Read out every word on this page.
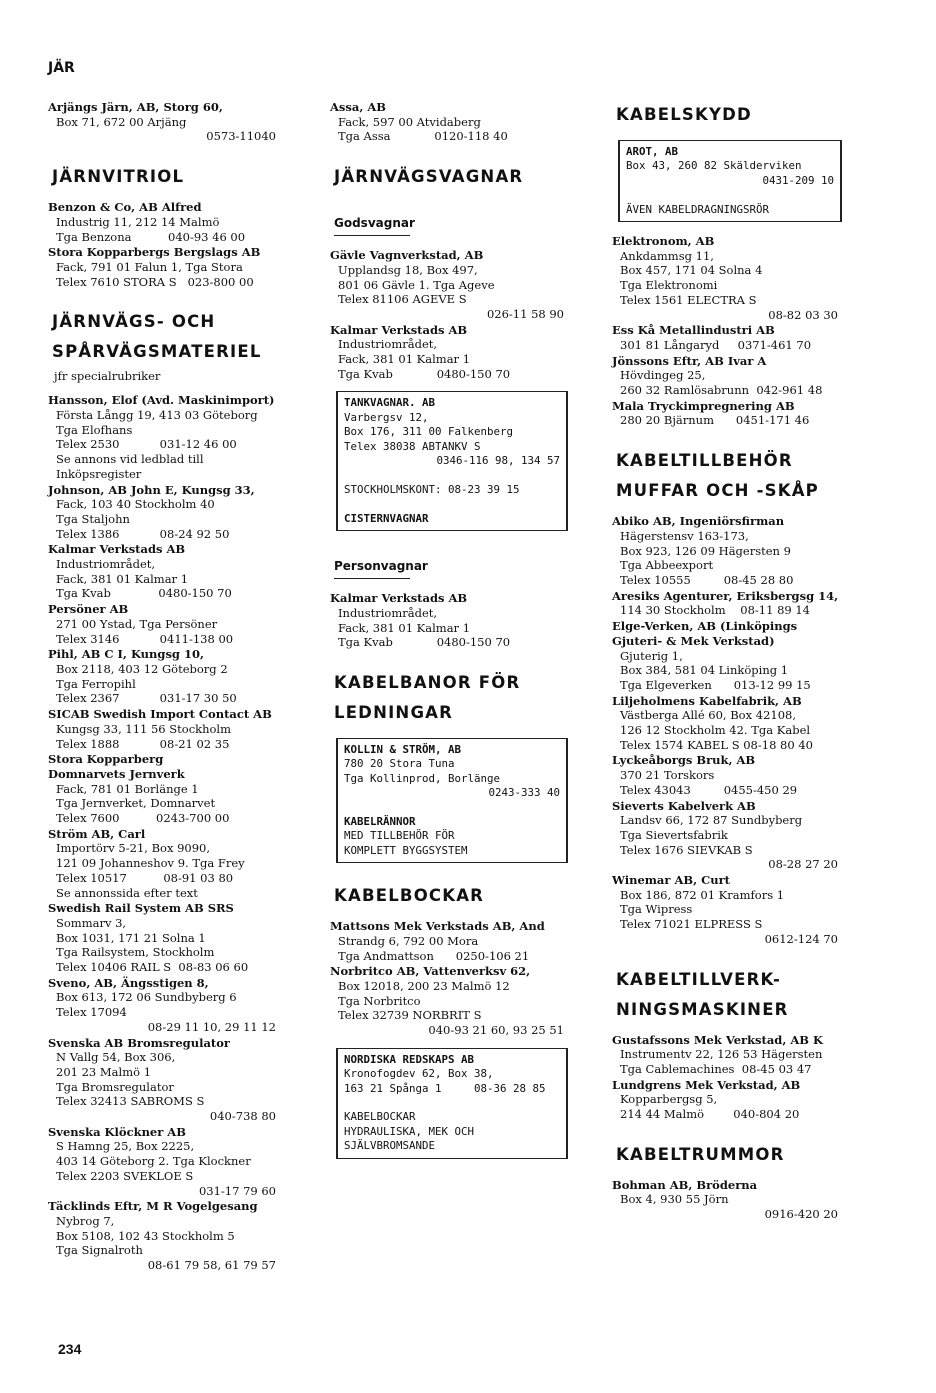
JÄR
Arjängs Järn, AB, Storg 60,
Box 71, 672 00 Arjäng
0573-11040
JÄRNVITRIOL
Benzon & Co, AB Alfred
Industrig 11, 212 14 Malmö
Tga Benzona          040-93 46 00
Stora Kopparbergs Bergslags AB
Fack, 791 01 Falun 1, Tga Stora
Telex 7610 STORA S   023-800 00
JÄRNVÄGS- OCH
SPÅRVÄGSMATERIEL
jfr specialrubriker
Hansson, Elof (Avd. Maskinimport)
Första Långg 19, 413 03 Göteborg
Tga Elofhans
Telex 2530           031-12 46 00
Se annons vid ledblad till
Inköpsregister
Johnson, AB John E, Kungsg 33,
Fack, 103 40 Stockholm 40
Tga Staljohn
Telex 1386           08-24 92 50
Kalmar Verkstads AB
Industriområdet,
Fack, 381 01 Kalmar 1
Tga Kvab             0480-150 70
Persöner AB
271 00 Ystad, Tga Persöner
Telex 3146           0411-138 00
Pihl, AB C I, Kungsg 10,
Box 2118, 403 12 Göteborg 2
Tga Ferropihl
Telex 2367           031-17 30 50
SICAB Swedish Import Contact AB
Kungsg 33, 111 56 Stockholm
Telex 1888           08-21 02 35
Stora Kopparberg
Domnarvets Jernverk
Fack, 781 01 Borlänge 1
Tga Jernverket, Domnarvet
Telex 7600          0243-700 00
Ström AB, Carl
Importörv 5-21, Box 9090,
121 09 Johanneshov 9. Tga Frey
Telex 10517          08-91 03 80
Se annonssida efter text
Swedish Rail System AB SRS
Sommarv 3,
Box 1031, 171 21 Solna 1
Tga Railsystem, Stockholm
Telex 10406 RAIL S  08-83 06 60
Sveno, AB, Ängsstigen 8,
Box 613, 172 06 Sundbyberg 6
Telex 17094
08-29 11 10, 29 11 12
Svenska AB Bromsregulator
N Vallg 54, Box 306,
201 23 Malmö 1
Tga Bromsregulator
Telex 32413 SABROMS S
040-738 80
Svenska Klöckner AB
S Hamng 25, Box 2225,
403 14 Göteborg 2. Tga Klockner
Telex 2203 SVEKLOE S
031-17 79 60
Täcklinds Eftr, M R Vogelgesang
Nybrog 7,
Box 5108, 102 43 Stockholm 5
Tga Signalroth
08-61 79 58, 61 79 57
Assa, AB
Fack, 597 00 Atvidaberg
Tga Assa            0120-118 40
JÄRNVÄGSVAGNAR
Godsvagnar
Gävle Vagnverkstad, AB
Upplandsg 18, Box 497,
801 06 Gävle 1. Tga Ageve
Telex 81106 AGEVE S
026-11 58 90
Kalmar Verkstads AB
Industriområdet,
Fack, 381 01 Kalmar 1
Tga Kvab            0480-150 70
TANKVAGNAR. AB
Varbergsv 12,
Box 176, 311 00 Falkenberg
Telex 38038 ABTANKV S
0346-116 98, 134 57

STOCKHOLMSKONT: 08-23 39 15

CISTERNVAGNAR
Personvagnar
Kalmar Verkstads AB
Industriområdet,
Fack, 381 01 Kalmar 1
Tga Kvab            0480-150 70
KABELBANOR FÖR
LEDNINGAR
KOLLIN & STRÖM, AB
780 20 Stora Tuna
Tga Kollinprod, Borlänge
0243-333 40

KABELRÄNNOR
MED TILLBEHÖR FÖR
KOMPLETT BYGGSYSTEM
KABELBOCKAR
Mattsons Mek Verkstads AB, And
Strandg 6, 792 00 Mora
Tga Andmattson      0250-106 21
Norbritco AB, Vattenverksv 62,
Box 12018, 200 23 Malmö 12
Tga Norbritco
Telex 32739 NORBRIT S
040-93 21 60, 93 25 51
NORDISKA REDSKAPS AB
Kronofogdev 62, Box 38,
163 21 Spånga 1     08-36 28 85

KABELBOCKAR
HYDRAULISKA, MEK OCH
SJÄLVBROMSANDE
KABELSKYDD
AROT, AB
Box 43, 260 82 Skälderviken
0431-209 10

ÄVEN KABELDRAGNINGSRÖR
Elektronom, AB
Ankdammsg 11,
Box 457, 171 04 Solna 4
Tga Elektronomi
Telex 1561 ELECTRA S
08-82 03 30
Ess Kå Metallindustri AB
301 81 Långaryd     0371-461 70
Jönssons Eftr, AB Ivar A
Hövdingeg 25,
260 32 Ramlösabrunn  042-961 48
Mala Tryckimpregnering AB
280 20 Bjärnum      0451-171 46
KABELTILLBEHÖR
MUFFAR OCH -SKÅP
Abiko AB, Ingeniörsfirman
Hägerstensv 163-173,
Box 923, 126 09 Hägersten 9
Tga Abbeexport
Telex 10555         08-45 28 80
Aresiks Agenturer, Eriksbergsg 14,
114 30 Stockholm    08-11 89 14
Elge-Verken, AB (Linköpings
Gjuteri- & Mek Verkstad)
Gjuterig 1,
Box 384, 581 04 Linköping 1
Tga Elgeverken      013-12 99 15
Liljeholmens Kabelfabrik, AB
Västberga Allé 60, Box 42108,
126 12 Stockholm 42. Tga Kabel
Telex 1574 KABEL S 08-18 80 40
Lyckeåborgs Bruk, AB
370 21 Torskors
Telex 43043         0455-450 29
Sieverts Kabelverk AB
Landsv 66, 172 87 Sundbyberg
Tga Sievertsfabrik
Telex 1676 SIEVKAB S
08-28 27 20
Winemar AB, Curt
Box 186, 872 01 Kramfors 1
Tga Wipress
Telex 71021 ELPRESS S
0612-124 70
KABELTILLVERK-
NINGSMASKINER
Gustafssons Mek Verkstad, AB K
Instrumentv 22, 126 53 Hägersten
Tga Cablemachines  08-45 03 47
Lundgrens Mek Verkstad, AB
Kopparbergsg 5,
214 44 Malmö        040-804 20
KABELTRUMMOR
Bohman AB, Bröderna
Box 4, 930 55 Jörn
0916-420 20
234
